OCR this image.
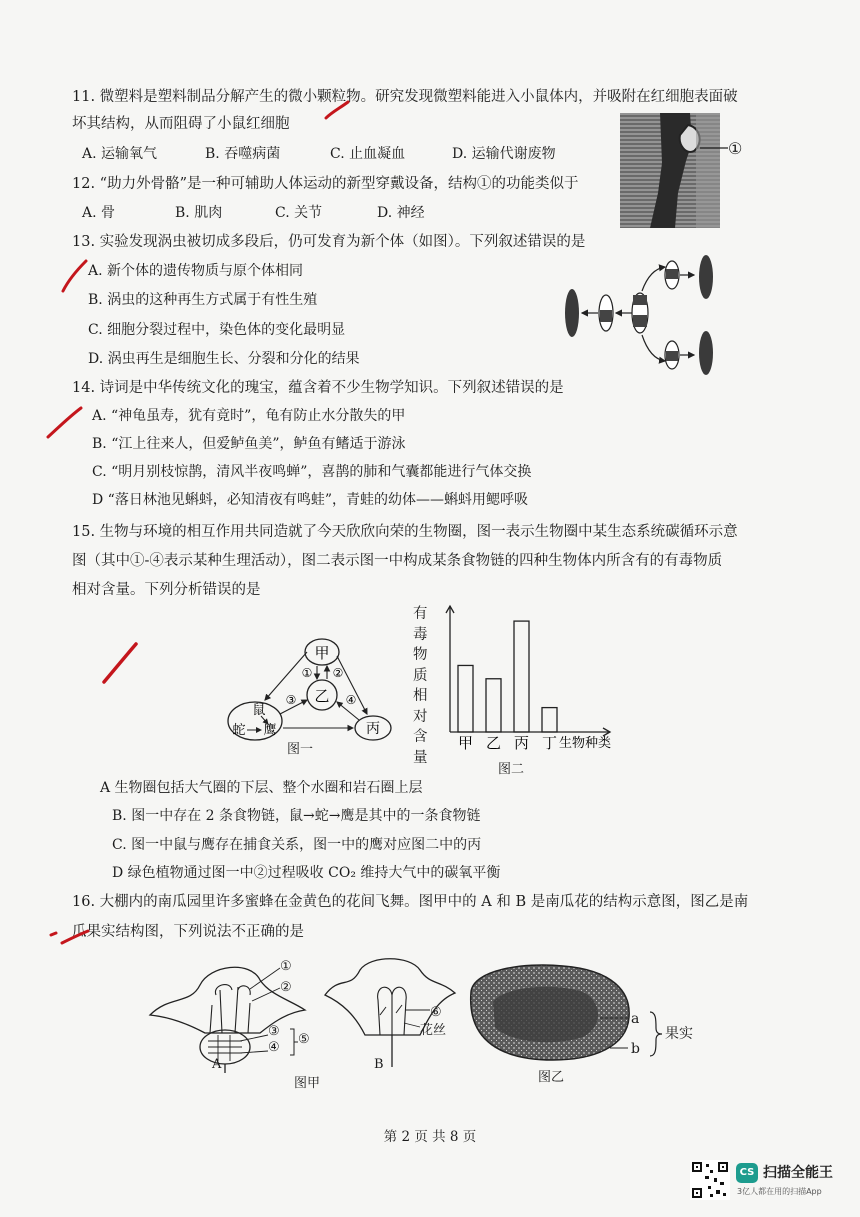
11. 微塑料是塑料制品分解产生的微小颗粒物。研究发现微塑料能进入小鼠体内，并吸附在红细胞表面破
坏其结构，从而阻碍了小鼠红细胞
A. 运输氧气	B. 吞噬病菌	C. 止血凝血	D. 运输代谢废物	①
12. “助力外骨骼”是一种可辅助人体运动的新型穿戴设备，结构①的功能类似于
A. 骨	B. 肌肉	C. 关节	D. 神经
13. 实验发现涡虫被切成多段后，仍可发育为新个体（如图）。下列叙述错误的是
A. 新个体的遗传物质与原个体相同
B. 涡虫的这种再生方式属于有性生殖
C. 细胞分裂过程中，染色体的变化最明显
D. 涡虫再生是细胞生长、分裂和分化的结果
14. 诗词是中华传统文化的瑰宝，蕴含着不少生物学知识。下列叙述错误的是
A. “神龟虽寿，犹有竟时”，龟有防止水分散失的甲
B. “江上往来人，但爱鲈鱼美”，鲈鱼有鳍适于游泳
C. “明月别枝惊鹊，清风半夜鸣蝉”，喜鹊的肺和气囊都能进行气体交换
D “落日林池见蝌蚪，必知清夜有鸣蛙”，青蛙的幼体——蝌蚪用鳃呼吸
15. 生物与环境的相互作用共同造就了今天欣欣向荣的生物圈，图一表示生物圈中某生态系统碳循环示意
图（其中①-④表示某种生理活动），图二表示图一中构成某条食物链的四种生物体内所含有的有毒物质
相对含量。下列分析错误的是
甲
乙
丙
鼠
蛇 鹰
① ②
③	④
图一
有毒物质相对含量
甲 乙 丙 丁 生物种类
图二
A 生物圈包括大气圈的下层、整个水圈和岩石圈上层
B. 图一中存在 2 条食物链，鼠→蛇→鹰是其中的一条食物链
C. 图一中鼠与鹰存在捕食关系，图一中的鹰对应图二中的丙
D 绿色植物通过图一中②过程吸收 CO₂ 维持大气中的碳氧平衡
16. 大棚内的南瓜园里许多蜜蜂在金黄色的花间飞舞。图甲中的 A 和 B 是南瓜花的结构示意图，图乙是南
瓜果实结构图，下列说法不正确的是
①
②
③
④
⑤
A
⑥
花丝
B
图甲
a
b
果实
图乙
第 2 页 共 8 页
CS 扫描全能王
3亿人都在用的扫描App
